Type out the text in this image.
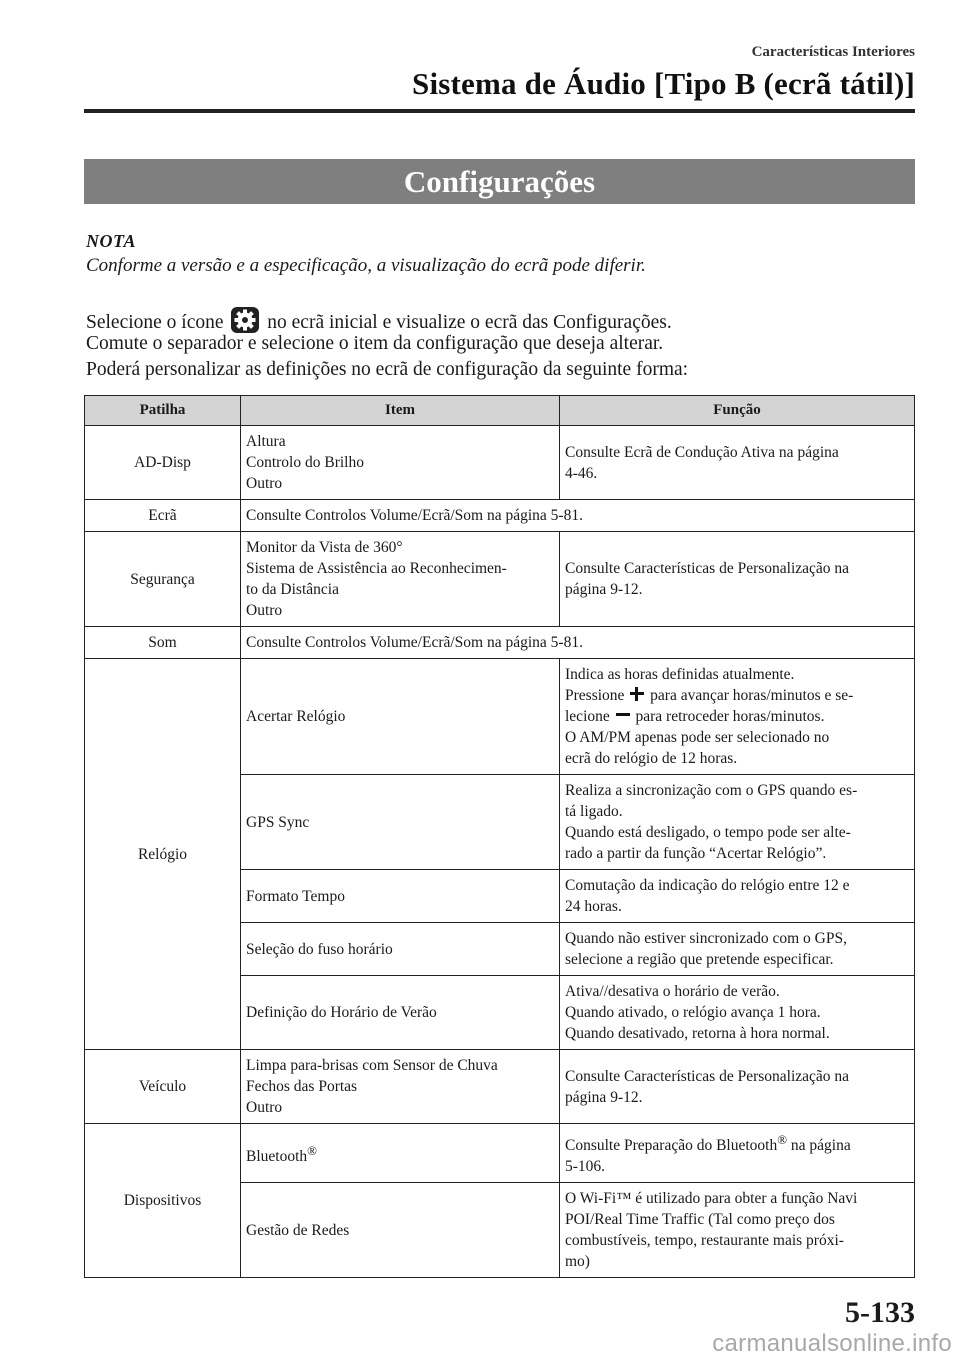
Características Interiores
Sistema de Áudio [Tipo B (ecrã tátil)]
Configurações
NOTA
Conforme a versão e a especificação, a visualização do ecrã pode diferir.
Selecione o ícone no ecrã inicial e visualize o ecrã das Configurações.
Comute o separador e selecione o item da configuração que deseja alterar.
Poderá personalizar as definições no ecrã de configuração da seguinte forma:
Patilha	Item	Função
AD-Disp	Altura
Controlo do Brilho
Outro	Consulte Ecrã de Condução Ativa na página
4-46.

Ecrã	Consulte Controlos Volume/Ecrã/Som na página 5-81.	
Segurança	Monitor da Vista de 360°
Sistema de Assistência ao Reconhecimen-
to da Distância
Outro	Consulte Características de Personalização na
página 9-12.

Som	Consulte Controlos Volume/Ecrã/Som na página 5-81.	
Relógio	Acertar Relógio	Indica as horas definidas atualmente.
Pressione para avançar horas/minutos e se-
lecione para retroceder horas/minutos.
O AM/PM apenas pode ser selecionado no
ecrã do relógio de 12 horas.

	GPS Sync	Realiza a sincronização com o GPS quando es-
tá ligado.
Quando está desligado, o tempo pode ser alte-
rado a partir da função “Acertar Relógio”.

	Formato Tempo	Comutação da indicação do relógio entre 12 e
24 horas.

	Seleção do fuso horário	Quando não estiver sincronizado com o GPS,
selecione a região que pretende especificar.

	Definição do Horário de Verão	Ativa//desativa o horário de verão.
Quando ativado, o relógio avança 1 hora.
Quando desativado, retorna à hora normal.

Veículo	Limpa para-brisas com Sensor de Chuva
Fechos das Portas
Outro	Consulte Características de Personalização na
página 9-12.

Dispositivos	Bluetooth®	Consulte Preparação do Bluetooth® na página
5-106.

	Gestão de Redes	O Wi-Fi™ é utilizado para obter a função Navi
POI/Real Time Traffic (Tal como preço dos
combustíveis, tempo, restaurante mais próxi-
mo)
5-133
carmanualsonline.info
